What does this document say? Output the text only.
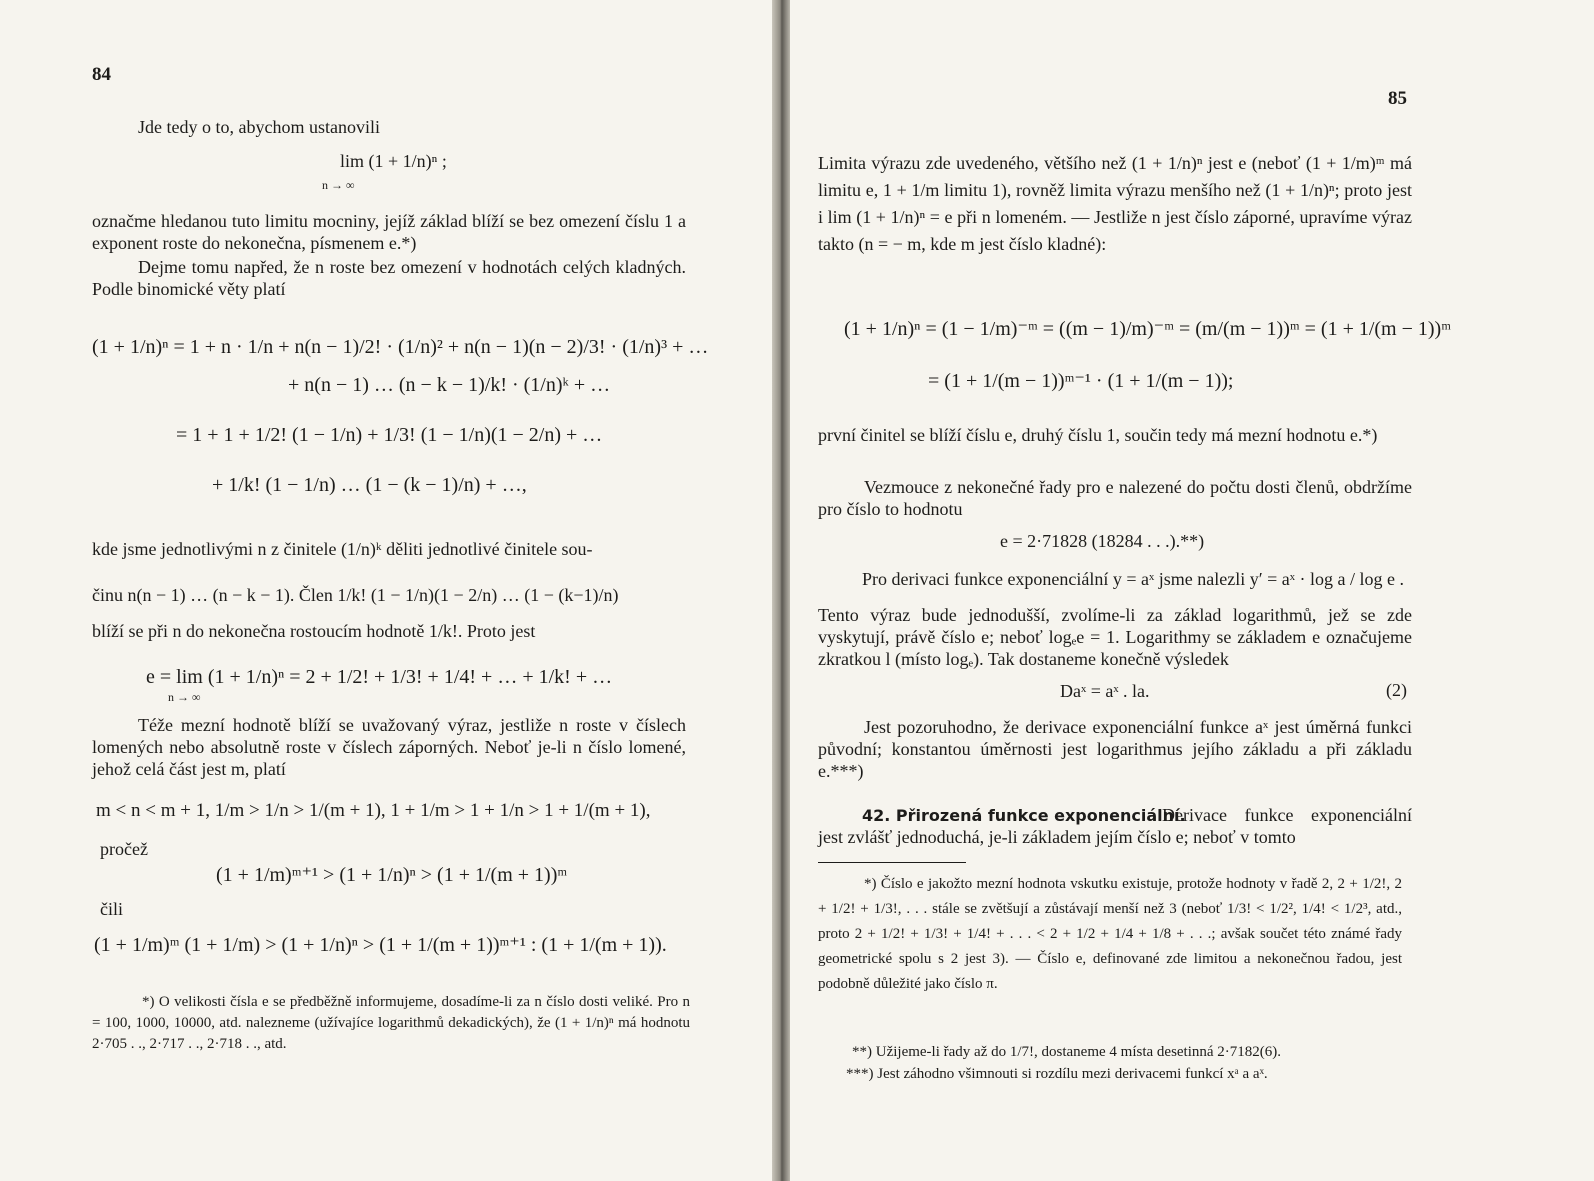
84
Jde tedy o to, abychom ustanovili
lim (1 + 1/n)ⁿ ;
n → ∞
označme hledanou tuto limitu mocniny, jejíž základ blíží se bez omezení číslu 1 a exponent roste do nekonečna, písmenem e.*)
Dejme tomu napřed, že n roste bez omezení v hodnotách celých kladných. Podle binomické věty platí
(1 + 1/n)ⁿ = 1 + n · 1/n + n(n − 1)/2! · (1/n)² + n(n − 1)(n − 2)/3! · (1/n)³ + …
+ n(n − 1) … (n − k − 1)/k! · (1/n)ᵏ + …
= 1 + 1 + 1/2! (1 − 1/n) + 1/3! (1 − 1/n)(1 − 2/n) + …
+ 1/k! (1 − 1/n) … (1 − (k − 1)/n) + …,
kde jsme jednotlivými n z činitele (1/n)ᵏ děliti jednotlivé činitele sou-
činu n(n − 1) … (n − k − 1). Člen 1/k! (1 − 1/n)(1 − 2/n) … (1 − (k−1)/n)
blíží se při n do nekonečna rostoucím hodnotě 1/k!. Proto jest
e = lim (1 + 1/n)ⁿ = 2 + 1/2! + 1/3! + 1/4! + … + 1/k! + …
n → ∞
Téže mezní hodnotě blíží se uvažovaný výraz, jestliže n roste v číslech lomených nebo absolutně roste v číslech záporných. Neboť je-li n číslo lomené, jehož celá část jest m, platí
m < n < m + 1, 1/m > 1/n > 1/(m + 1), 1 + 1/m > 1 + 1/n > 1 + 1/(m + 1),
pročež
(1 + 1/m)ᵐ⁺¹ > (1 + 1/n)ⁿ > (1 + 1/(m + 1))ᵐ
čili
(1 + 1/m)ᵐ (1 + 1/m) > (1 + 1/n)ⁿ > (1 + 1/(m + 1))ᵐ⁺¹ : (1 + 1/(m + 1)).
*) O velikosti čísla e se předběžně informujeme, dosadíme-li za n číslo dosti veliké. Pro n = 100, 1000, 10000, atd. nalezneme (užívajíce logarithmů dekadických), že (1 + 1/n)ⁿ má hodnotu 2·705 . ., 2·717 . ., 2·718 . ., atd.
85
Limita výrazu zde uvedeného, většího než (1 + 1/n)ⁿ jest e (neboť (1 + 1/m)ᵐ má limitu e, 1 + 1/m limitu 1), rovněž limita výrazu menšího než (1 + 1/n)ⁿ; proto jest i lim (1 + 1/n)ⁿ = e při n lomeném. — Jestliže n jest číslo záporné, upravíme výraz takto (n = − m, kde m jest číslo kladné):
(1 + 1/n)ⁿ = (1 − 1/m)⁻ᵐ = ((m − 1)/m)⁻ᵐ = (m/(m − 1))ᵐ = (1 + 1/(m − 1))ᵐ
= (1 + 1/(m − 1))ᵐ⁻¹ · (1 + 1/(m − 1));
první činitel se blíží číslu e, druhý číslu 1, součin tedy má mezní hodnotu e.*)
Vezmouce z nekonečné řady pro e nalezené do počtu dosti členů, obdržíme pro číslo to hodnotu
e = 2·71828 (18284 . . .).**)
Pro derivaci funkce exponenciální y = aˣ jsme nalezli y′ = aˣ · log a / log e .
Tento výraz bude jednodušší, zvolíme-li za základ logarithmů, jež se zde vyskytují, právě číslo e; neboť logₑe = 1. Logarithmy se základem e označujeme zkratkou l (místo logₑ). Tak dostaneme konečně výsledek
Daˣ = aˣ . la.	(2)
Jest pozoruhodno, že derivace exponenciální funkce aˣ jest úměrná funkci původní; konstantou úměrnosti jest logarithmus jejího základu a při základu e.***)
42. Přirozená funkce exponenciální.
Derivace funkce exponenciální jest zvlášť jednoduchá, je-li základem jejím číslo e; neboť v tomto
*) Číslo e jakožto mezní hodnota vskutku existuje, protože hodnoty v řadě 2, 2 + 1/2!, 2 + 1/2! + 1/3!, . . . stále se zvětšují a zůstávají menší než 3 (neboť 1/3! < 1/2², 1/4! < 1/2³, atd., proto 2 + 1/2! + 1/3! + 1/4! + . . . < 2 + 1/2 + 1/4 + 1/8 + . . .; avšak součet této známé řady geometrické spolu s 2 jest 3). — Číslo e, definované zde limitou a nekonečnou řadou, jest podobně důležité jako číslo π.
**) Užijeme-li řady až do 1/7!, dostaneme 4 místa desetinná 2·7182(6).
***) Jest záhodno všimnouti si rozdílu mezi derivacemi funkcí xᵃ a aˣ.
